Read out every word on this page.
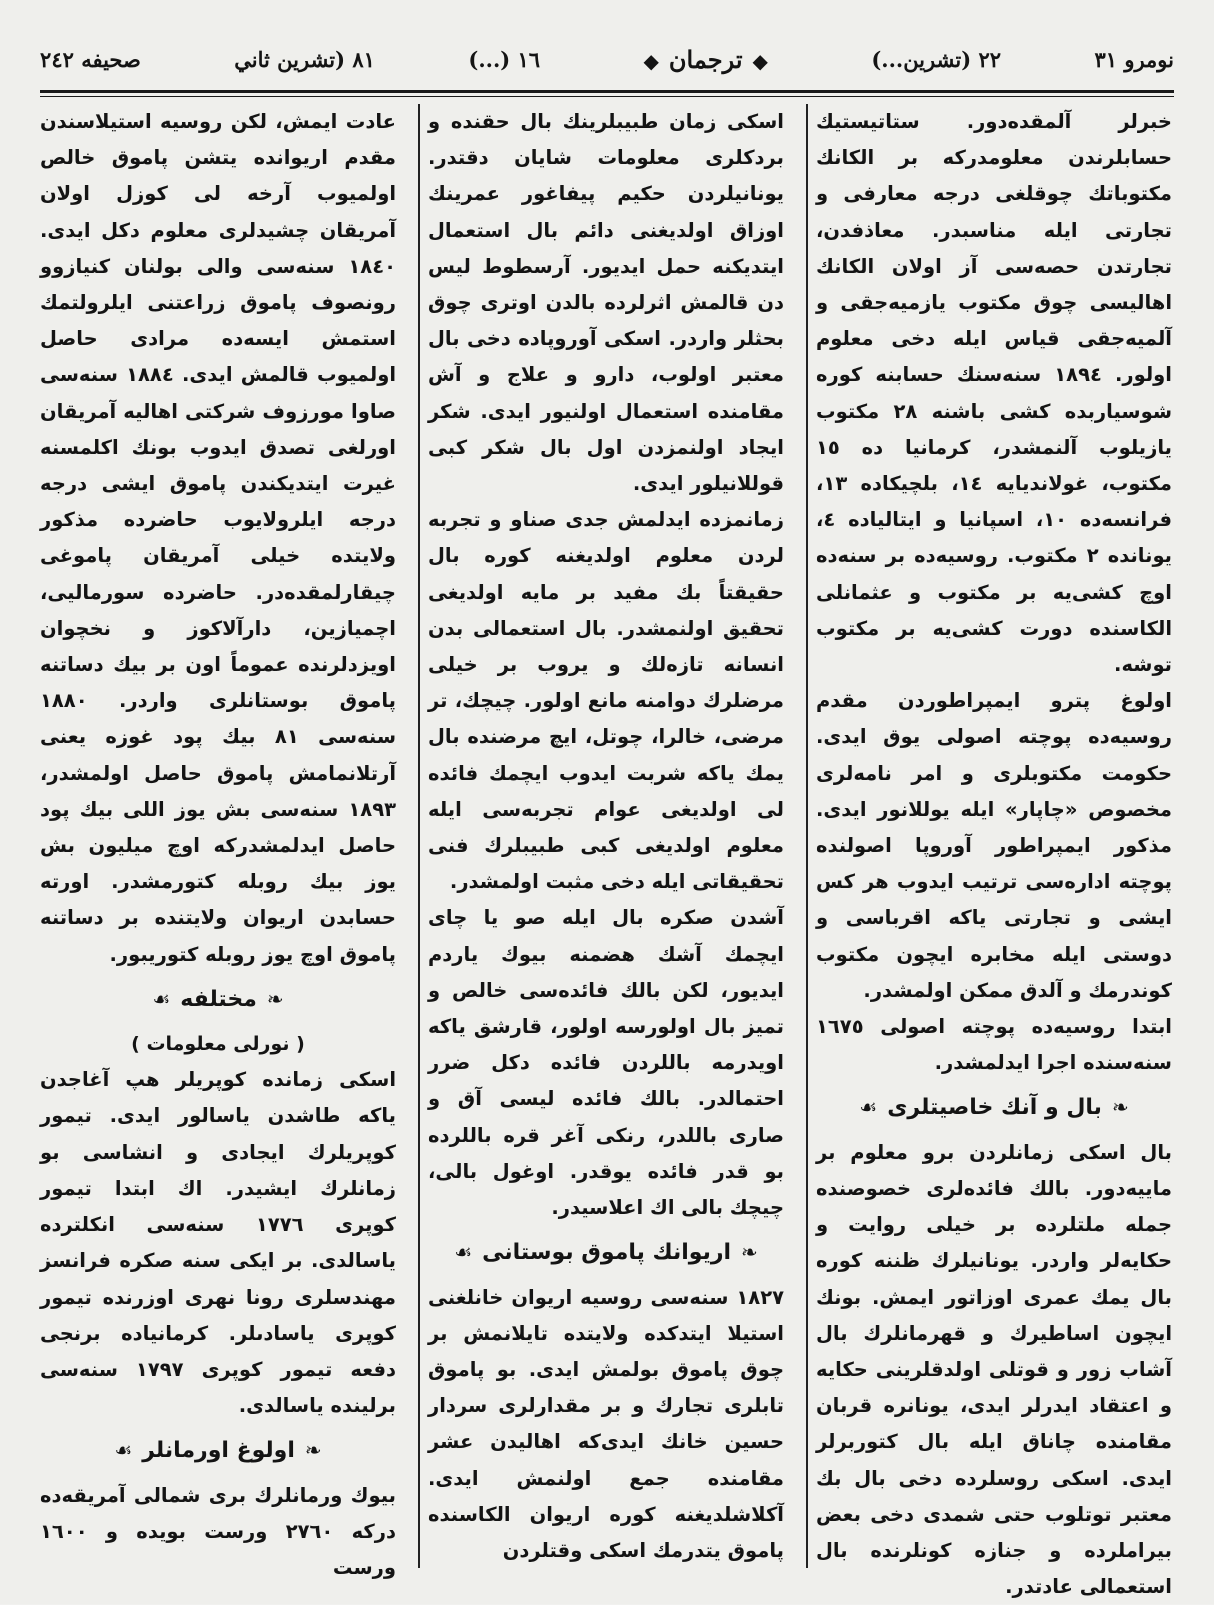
نومرو ٣١
٢٢ (تشرين...)
◆ترجمان◆
١٦ (...)
٨١ (تشرين ثاني
صحیفه ٢٤٢

خبرلر آلمقده‌دور. ستاتيستيك حسابلرندن معلومدركه بر الكانك مكتوباتك چوقلغى درجه معارفى و تجارتى ايله مناسبدر. معاذفدن، تجارتدن حصه‌سى آز اولان الكانك اهاليسى چوق مكتوب يازميه‌جقى و آلميه‌جقى قياس ايله دخى معلوم اولور. ١٨٩٤ سنه‌سنك حسابنه كوره شوسياربده كشى باشنه ٢٨ مكتوب يازيلوب آلنمشدر، كرمانيا ده ١٥ مكتوب، غولانديايه ١٤، بلچيكاده ١٣، فرانسه‌ده ١٠، اسپانيا و ايتالياده ٤، يونانده ٢ مكتوب. روسيه‌ده بر سنه‌ده اوچ كشى‌يه بر مكتوب و عثمانلى الكاسنده دورت كشى‌يه بر مكتوب توشه.

اولوغ پترو ايمپراطوردن مقدم روسيه‌ده پوچته اصولى يوق ايدى. حكومت مكتوبلرى و امر نامه‌لرى مخصوص «چاپار» ايله يوللانور ايدى. مذكور ايمپراطور آوروپا اصولنده پوچته اداره‌سى ترتيب ايدوب هر كس ايشى و تجارتى ياكه اقرباسى و دوستى ايله مخابره ايچون مكتوب كوندرمك و آلدق ممكن اولمشدر.

ابتدا روسيه‌ده پوچته اصولى ١٦٧٥ سنه‌سنده اجرا ايدلمشدر.

❧بال و آنك خاصيتلرى☙

بال اسكى زمانلردن برو معلوم بر ماييه‌دور. بالك فائده‌لرى خصوصنده جمله ملتلرده بر خيلى روايت و حكايه‌لر واردر. يونانيلرك ظننه كوره بال يمك عمرى اوزاتور ايمش. بونك ايچون اساطيرك و قهرمانلرك بال آشاب زور و قوتلى اولدقلرينى حكايه و اعتقاد ايدرلر ايدى، يونانره قربان مقامنده چاناق ايله بال كتوربرلر ايدى. اسكى روسلرده دخى بال بك معتبر توتلوب حتى شمدى دخى بعض بيراملرده و جنازه كونلرنده بال استعمالى عادتدر.

اسكى زمان طبيبلرينك بال حقنده و بردكلرى معلومات شايان دقتدر. يونانيلردن حكيم پيفاغور عمرينك اوزاق اولديغنى دائم بال استعمال ايتديكنه حمل ايديور. آرسطوط ليس دن قالمش اثرلرده بالدن اوترى چوق بحثلر واردر. اسكى آوروپاده دخى بال معتبر اولوب، دارو و علاج و آش مقامنده استعمال اولنيور ايدى. شكر ايجاد اولنمزدن اول بال شكر كبى قوللانيلور ايدى.

زمانمزده ايدلمش جدى صناو و تجربه لردن معلوم اولديغنه كوره بال حقيقتاً بك مفيد بر مايه اولديغى تحقيق اولنمشدر. بال استعمالى بدن انسانه تازه‌لك و يروب بر خيلى مرضلرك دوامنه مانع اولور. چيچك، تر مرضى، خالرا، چوتل، ايچ مرضنده بال يمك ياكه شربت ايدوب ايچمك فائده لى اولديغى عوام تجربه‌سى ايله معلوم اولديغى كبى طبيبلرك فنى تحقيقاتى ايله دخى مثبت اولمشدر.

آشدن صكره بال ايله صو يا چاى ايچمك آشك هضمنه بيوك ياردم ايديور، لكن بالك فائده‌سى خالص و تميز بال اولورسه اولور، قارشق ياكه اويدرمه باللردن فائده دكل ضرر احتمالدر. بالك فائده لیسى آق و صارى باللدر، رنكى آغر قره باللرده بو قدر فائده يوقدر. اوغول بالى، چيچك بالى اك اعلاسيدر.

❧اريوانك پاموق بوستانى☙

١٨٢٧ سنه‌سى روسيه اريوان خانلغنى استيلا ايتدكده ولايتده تايلانمش بر چوق پاموق بولمش ايدى. بو پاموق تابلرى تجارك و بر مقدارلرى سردار حسين خانك ايدى‌كه اهاليدن عشر مقامنده جمع اولنمش ايدى. آكلاشلديغنه كوره اريوان الكاسنده پاموق يتدرمك اسكى وقتلردن

عادت ايمش، لكن روسيه استيلاسندن مقدم اريوانده يتشن پاموق خالص اولميوب آرخه لى كوزل اولان آمريقان چشيدلرى معلوم دكل ايدى. ١٨٤٠ سنه‌سى والى بولنان كنيازوو رونصوف پاموق زراعتنى ايلرولتمك استمش ايسه‌ده مرادى حاصل اولميوب قالمش ايدى. ١٨٨٤ سنه‌سى صاوا مورزوف شركتى اهاليه آمريقان اورلغى تصدق ايدوب بونك اكلمسنه غيرت ايتديكندن پاموق ايشى درجه درجه ايلرولايوب حاضرده مذكور ولايتده خيلى آمريقان پاموغى چيقارلمقده‌در. حاضرده سورماليى، اچميازين، دارآلاكوز و نخچوان اويزدلرنده عموماً اون بر بيك دساتنه پاموق بوستانلرى واردر. ١٨٨٠ سنه‌سى ٨١ بيك پود غوزه يعنى آرتلانمامش پاموق حاصل اولمشدر، ١٨٩٣ سنه‌سى بش يوز اللى بيك پود حاصل ايدلمشدركه اوچ ميليون بش يوز بيك روبله كتورمشدر. اورته حسابدن اريوان ولايتنده بر دساتنه پاموق اوچ يوز روبله كتوريبور.

❧مختلفه☙

( نورلى معلومات )

اسكى زمانده كوپريلر هپ آغاجدن ياكه طاشدن ياسالور ايدى. تيمور كوپريلرك ايجادى و انشاسى بو زمانلرك ايشيدر. اك ابتدا تيمور كوپرى ١٧٧٦ سنه‌سى انكلترده ياسالدى. بر ايكى سنه صكره فرانسز مهندسلرى رونا نهرى اوزرنده تيمور كوپرى ياسادىلر. كرمانياده برنجى دفعه تيمور كوپرى ١٧٩٧ سنه‌سى برلينده ياسالدى.

❧اولوغ اورمانلر☙

بيوك ورمانلرك برى شمالى آمريقه‌ده دركه ٢٧٦٠ ورست بويده و ١٦٠٠ ورست
